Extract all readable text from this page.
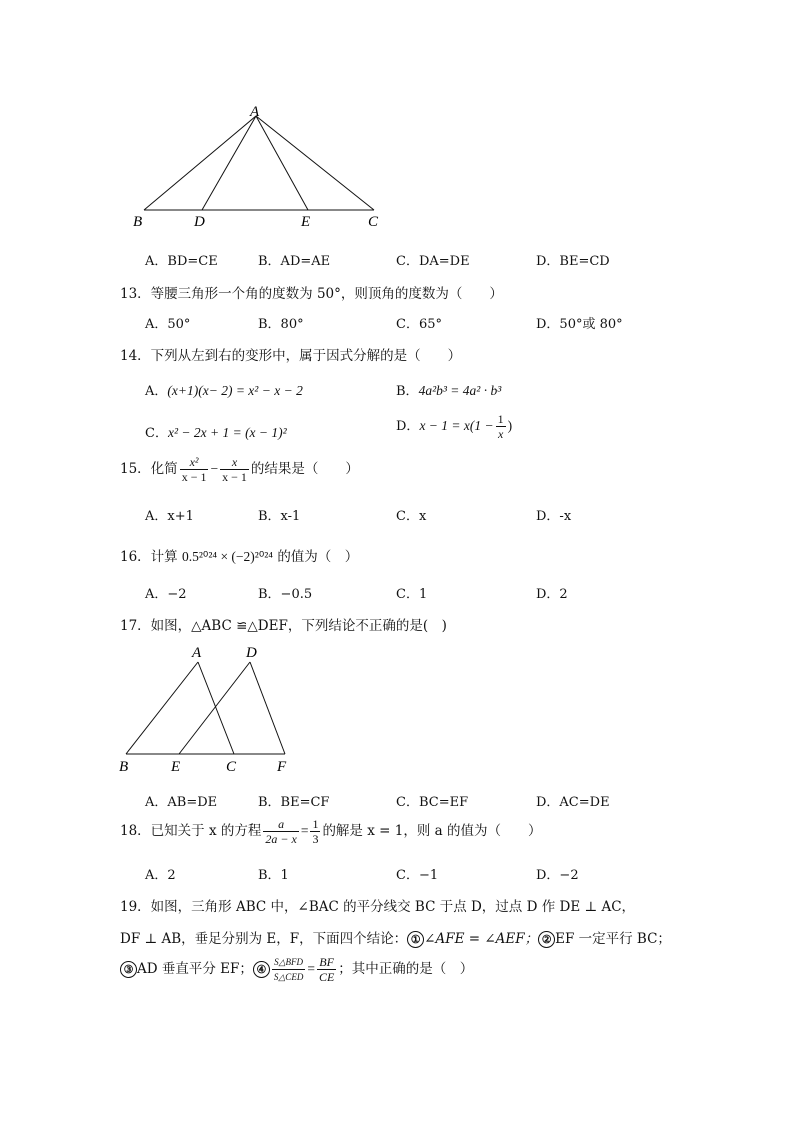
A
B	D	E	C
A．BD=CE	B．AD=AE	C．DA=DE	D．BE=CD
13．等腰三角形一个角的度数为 50°，则顶角的度数为（　　）
A．50°	B．80°	C．65°	D．50°或 80°
14．下列从左到右的变形中，属于因式分解的是（　　）
A．(x+1)(x− 2) = x² − x − 2	B．4a²b³ = 4a² · b³
C．x² − 2x + 1 = (x − 1)²	D．$x - 1 = x(1 - \frac{1}{x}$ )
15．化简 $\frac{\text{x²}}{x - 1} - \frac{x}{x - 1}$ 的结果是（　　）
A．x+1	B．x-1	C．x	D．-x
16．计算 0.5²⁰²⁴ × (−2)²⁰²⁴ 的值为（　）
A．−2	B．−0.5	C．1	D．2
17．如图，△ABC ≌△DEF，下列结论不正确的是(　)
A	D
B	E	C	F
A．AB=DE	B．BE=CF	C．BC=EF	D．AC=DE
18．已知关于 x 的方程 $\frac{a}{2a - x} = \frac{1}{3}$ 的解是 x = 1，则 a 的值为（　　）
A．2	B．1	C．−1	D．−2
19．如图，三角形 ABC 中，∠BAC 的平分线交 BC 于点 D，过点 D 作 DE ⊥ AC，
DF ⊥ AB，垂足分别为 E，F，下面四个结论： ① ∠AFE = ∠AEF； ② EF 一定平行 BC；
③ AD 垂直平分 EF； ④ $\frac{\text{S△BFD}}{\text{S△CED}} = \frac{BF}{CE}$ ；其中正确的是（　）
